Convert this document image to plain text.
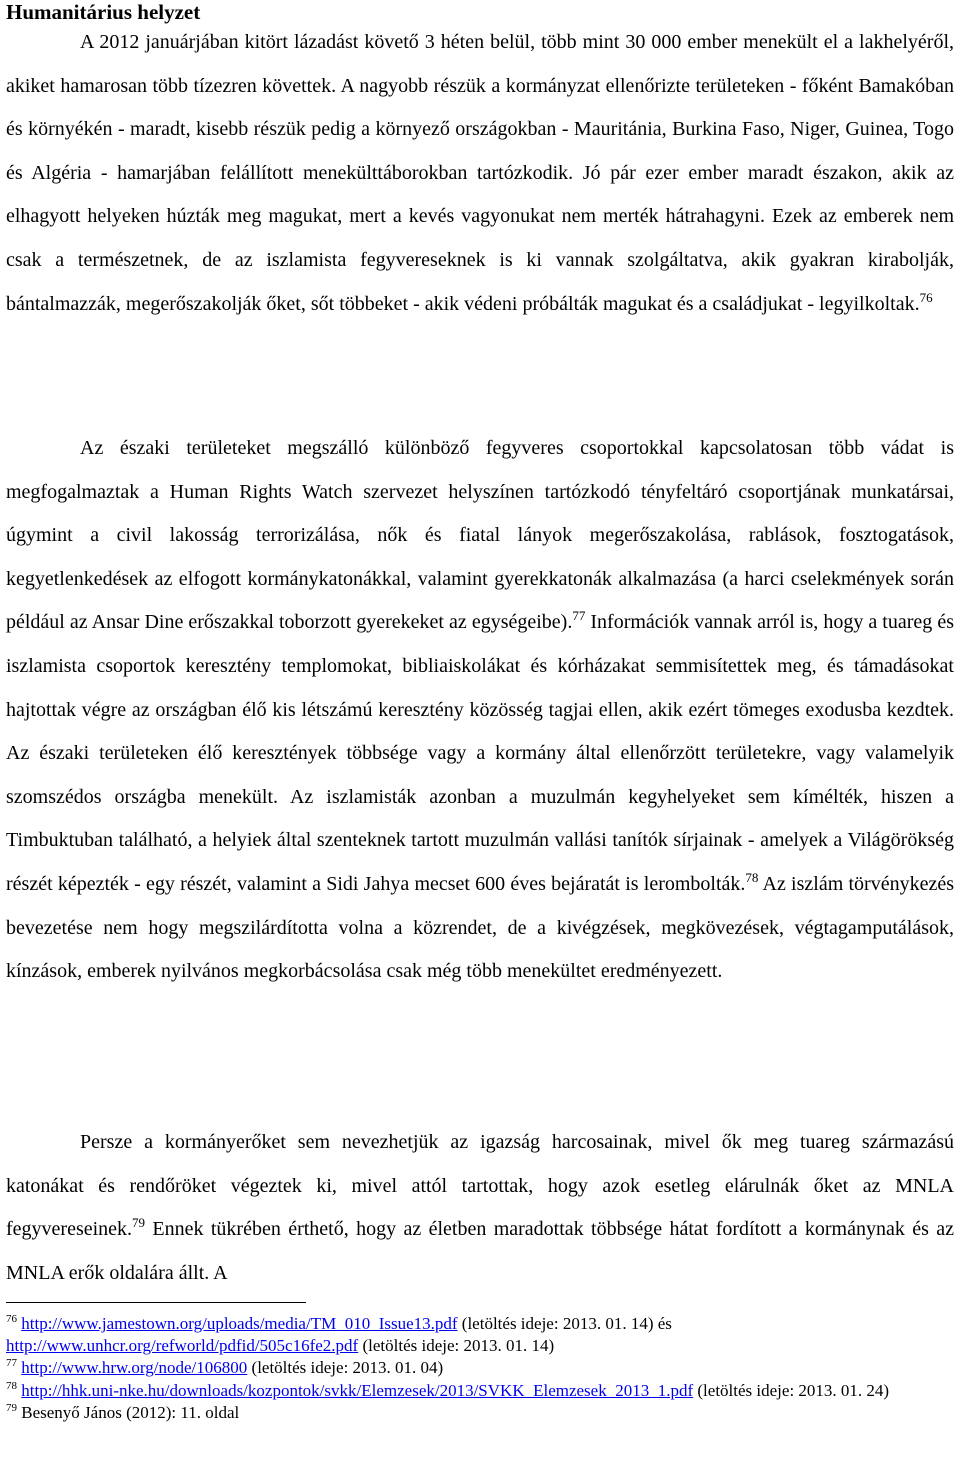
Humanitárius helyzet

A 2012 januárjában kitört lázadást követő 3 héten belül, több mint 30 000 ember menekült el a lakhelyéről, akiket hamarosan több tízezren követtek. A nagyobb részük a kormányzat ellenőrizte területeken - főként Bamakóban és környékén - maradt, kisebb részük pedig a környező országokban - Mauritánia, Burkina Faso, Niger, Guinea, Togo és Algéria - hamarjában felállított menekülttáborokban tartózkodik. Jó pár ezer ember maradt északon, akik az elhagyott helyeken húzták meg magukat, mert a kevés vagyonukat nem merték hátrahagyni. Ezek az emberek nem csak a természetnek, de az iszlamista fegyvereseknek is ki vannak szolgáltatva, akik gyakran kirabolják, bántalmazzák, megerőszakolják őket, sőt többeket - akik védeni próbálták magukat és a családjukat - legyilkoltak.$^{76}$

Az északi területeket megszálló különböző fegyveres csoportokkal kapcsolatosan több vádat is megfogalmaztak a Human Rights Watch szervezet helyszínen tartózkodó tényfeltáró csoportjának munkatársai, úgymint a civil lakosság terrorizálása, nők és fiatal lányok megerőszakolása, rablások, fosztogatások, kegyetlenkedések az elfogott kormánykatonákkal, valamint gyerekkatonák alkalmazása (a harci cselekmények során például az Ansar Dine erőszakkal toborzott gyerekeket az egységeibe).$^{77}$ Információk vannak arról is, hogy a tuareg és iszlamista csoportok keresztény templomokat, bibliaiskolákat és kórházakat semmisítettek meg, és támadásokat hajtottak végre az országban élő kis létszámú keresztény közösség tagjai ellen, akik ezért tömeges exodusba kezdtek. Az északi területeken élő keresztények többsége vagy a kormány által ellenőrzött területekre, vagy valamelyik szomszédos országba menekült. Az iszlamisták azonban a muzulmán kegyhelyeket sem kímélték, hiszen a Timbuktuban található, a helyiek által szenteknek tartott muzulmán vallási tanítók sírjainak - amelyek a Világörökség részét képezték - egy részét, valamint a Sidi Jahya mecset 600 éves bejáratát is lerombolták.$^{78}$ Az iszlám törvénykezés bevezetése nem hogy megszilárdította volna a közrendet, de a kivégzések, megkövezések, végtagamputálások, kínzások, emberek nyilvános megkorbácsolása csak még több menekültet eredményezett.

Persze a kormányerőket sem nevezhetjük az igazság harcosainak, mivel ők meg tuareg származású katonákat és rendőröket végeztek ki, mivel attól tartottak, hogy azok esetleg elárulnák őket az MNLA fegyvereseinek.$^{79}$ Ennek tükrében érthető, hogy az életben maradottak többsége hátat fordított a kormánynak és az MNLA erők oldalára állt. A

$^{76}$ http://www.jamestown.org/uploads/media/TM_010_Issue13.pdf (letöltés ideje: 2013. 01. 14) és http://www.unhcr.org/refworld/pdfid/505c16fe2.pdf (letöltés ideje: 2013. 01. 14)
$^{77}$ http://www.hrw.org/node/106800 (letöltés ideje: 2013. 01. 04)
$^{78}$ http://hhk.uni-nke.hu/downloads/kozpontok/svkk/Elemzesek/2013/SVKK_Elemzesek_2013_1.pdf (letöltés ideje: 2013. 01. 24)
$^{79}$ Besenyő János (2012): 11. oldal
